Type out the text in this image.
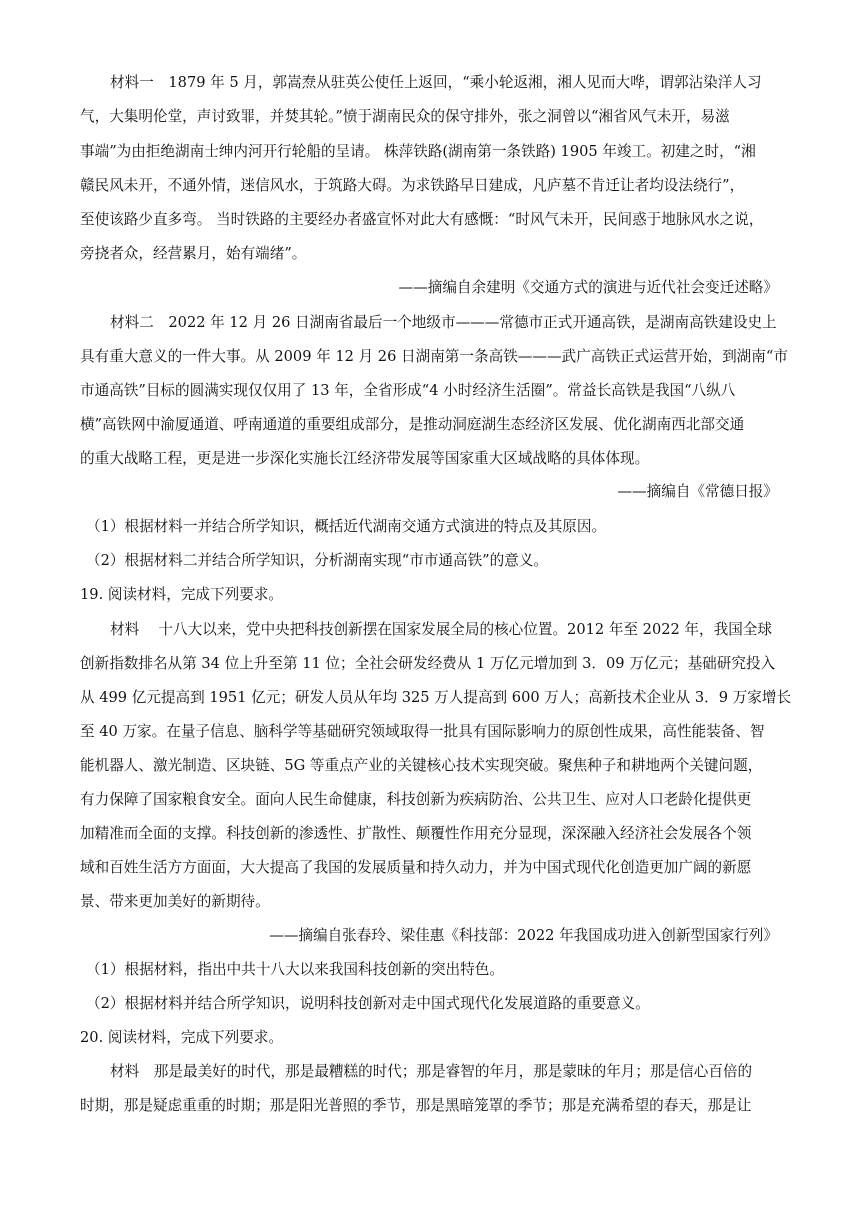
材料一　1879 年 5 月，郭嵩焘从驻英公使任上返回，“乘小轮返湘，湘人见而大哗，谓郭沾染洋人习
气，大集明伦堂，声讨致罪，并焚其轮。”愤于湖南民众的保守排外，张之洞曾以“湘省风气未开，易滋
事端”为由拒绝湖南士绅内河开行轮船的呈请。 株萍铁路(湖南第一条铁路) 1905 年竣工。初建之时，“湘
赣民风未开，不通外情，迷信风水，于筑路大碍。为求铁路早日建成，凡庐墓不肯迁让者均设法绕行”，
至使该路少直多弯。 当时铁路的主要经办者盛宣怀对此大有感慨：“时风气未开，民间惑于地脉风水之说，
旁挠者众，经营累月，始有端绪”。
——摘编自余建明《交通方式的演进与近代社会变迁述略》
材料二　2022 年 12 月 26 日湖南省最后一个地级市———常德市正式开通高铁，是湖南高铁建设史上
具有重大意义的一件大事。从 2009 年 12 月 26 日湖南第一条高铁———武广高铁正式运营开始，到湖南“市
市通高铁”目标的圆满实现仅仅用了 13 年，全省形成“4 小时经济生活圈”。常益长高铁是我国“八纵八
横”高铁网中渝厦通道、呼南通道的重要组成部分，是推动洞庭湖生态经济区发展、优化湖南西北部交通
的重大战略工程，更是进一步深化实施长江经济带发展等国家重大区域战略的具体体现。
——摘编自《常德日报》
（1）根据材料一并结合所学知识，概括近代湖南交通方式演进的特点及其原因。
（2）根据材料二并结合所学知识，分析湖南实现“市市通高铁”的意义。
19. 阅读材料，完成下列要求。
材料　 十八大以来，党中央把科技创新摆在国家发展全局的核心位置。2012 年至 2022 年，我国全球
创新指数排名从第 34 位上升至第 11 位；全社会研发经费从 1 万亿元增加到 3．09 万亿元；基础研究投入
从 499 亿元提高到 1951 亿元；研发人员从年均 325 万人提高到 600 万人；高新技术企业从 3．9 万家增长
至 40 万家。在量子信息、脑科学等基础研究领域取得一批具有国际影响力的原创性成果，高性能装备、智
能机器人、激光制造、区块链、5G 等重点产业的关键核心技术实现突破。聚焦种子和耕地两个关键问题，
有力保障了国家粮食安全。面向人民生命健康，科技创新为疾病防治、公共卫生、应对人口老龄化提供更
加精准而全面的支撑。科技创新的渗透性、扩散性、颠覆性作用充分显现，深深融入经济社会发展各个领
域和百姓生活方方面面，大大提高了我国的发展质量和持久动力，并为中国式现代化创造更加广阔的新愿
景、带来更加美好的新期待。
——摘编自张春玲、梁佳惠《科技部：2022 年我国成功进入创新型国家行列》
（1）根据材料，指出中共十八大以来我国科技创新的突出特色。
（2）根据材料并结合所学知识，说明科技创新对走中国式现代化发展道路的重要意义。
20. 阅读材料，完成下列要求。
材料　那是最美好的时代，那是最糟糕的时代；那是睿智的年月，那是蒙昧的年月；那是信心百倍的
时期，那是疑虑重重的时期；那是阳光普照的季节，那是黑暗笼罩的季节；那是充满希望的春天，那是让
